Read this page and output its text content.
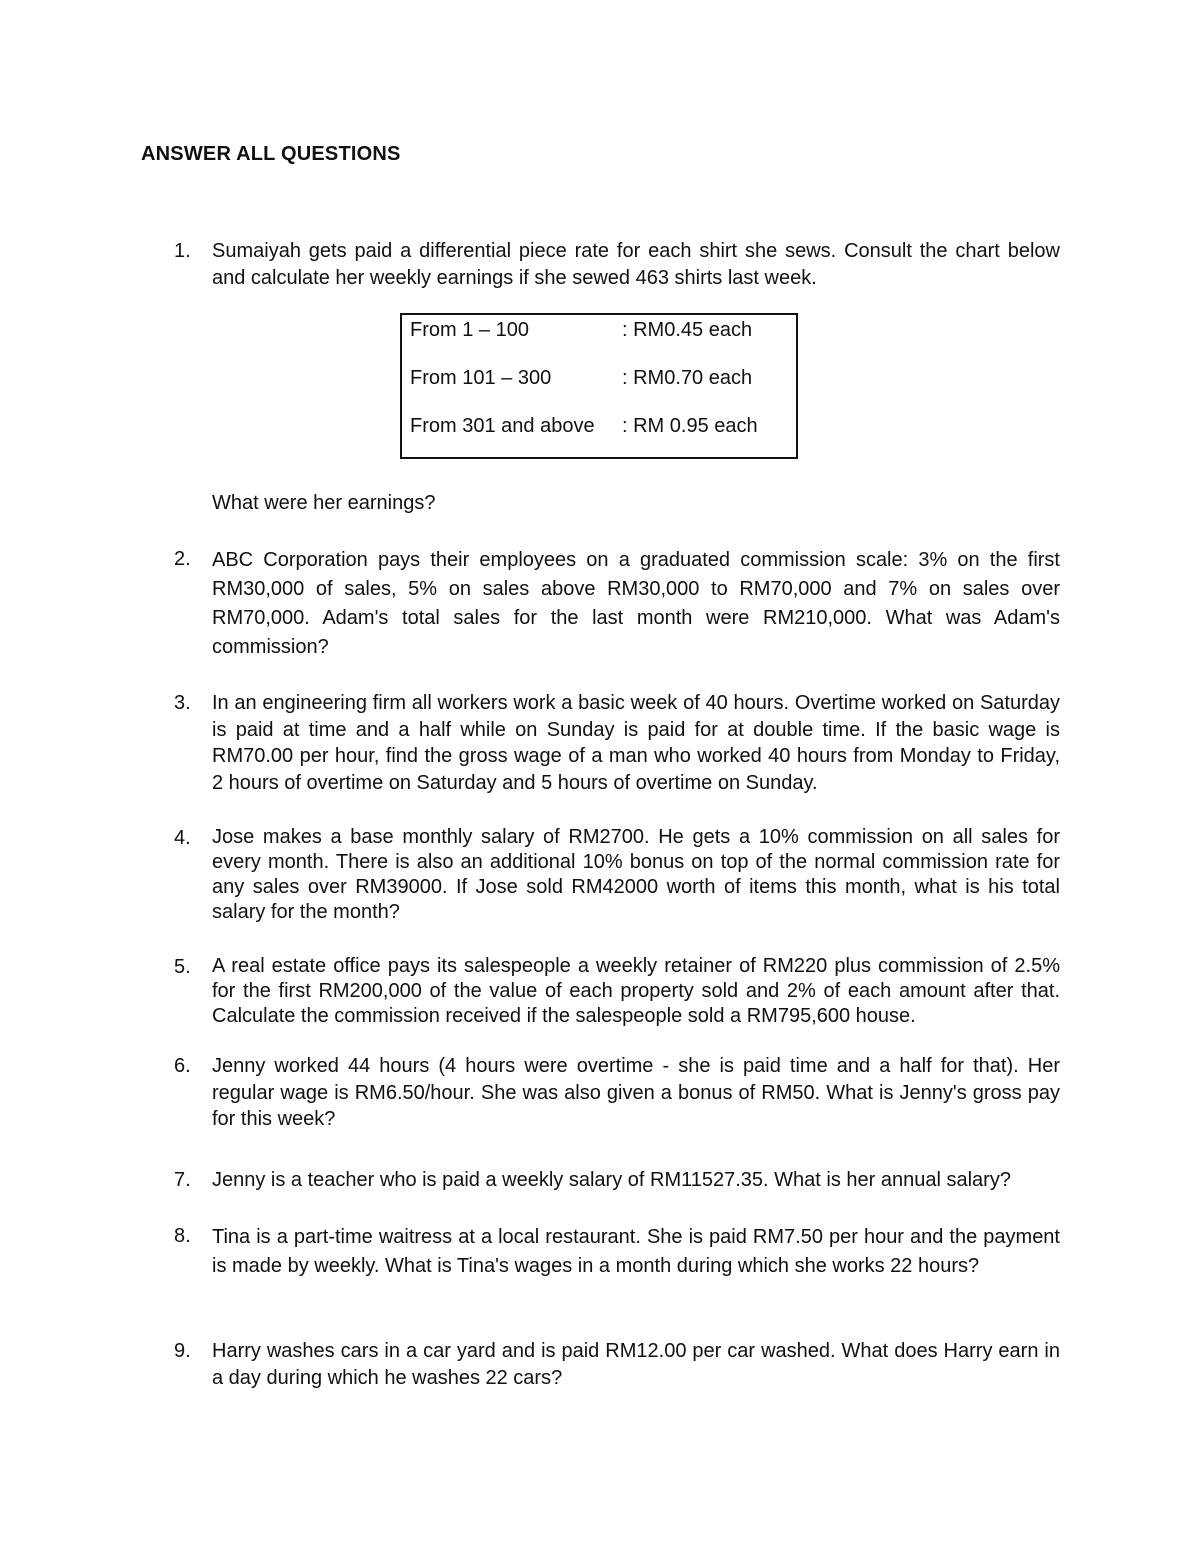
ANSWER ALL QUESTIONS
1.	Sumaiyah gets paid a differential piece rate for each shirt she sews. Consult the chart below and calculate her weekly earnings if she sewed 463 shirts last week.
From 1 – 100	: RM0.45 each
From 101 – 300	: RM0.70 each
From 301 and above : RM 0.95 each
What were her earnings?
2.	ABC Corporation pays their employees on a graduated commission scale: 3% on the first RM30,000 of sales, 5% on sales above RM30,000 to RM70,000 and 7% on sales over RM70,000. Adam's total sales for the last month were RM210,000. What was Adam's commission?
3.	In an engineering firm all workers work a basic week of 40 hours. Overtime worked on Saturday is paid at time and a half while on Sunday is paid for at double time. If the basic wage is RM70.00 per hour, find the gross wage of a man who worked 40 hours from Monday to Friday, 2 hours of overtime on Saturday and 5 hours of overtime on Sunday.
4.	Jose makes a base monthly salary of RM2700. He gets a 10% commission on all sales for every month. There is also an additional 10% bonus on top of the normal commission rate for any sales over RM39000. If Jose sold RM42000 worth of items this month, what is his total salary for the month?
5.	A real estate office pays its salespeople a weekly retainer of RM220 plus commission of 2.5% for the first RM200,000 of the value of each property sold and 2% of each amount after that. Calculate the commission received if the salespeople sold a RM795,600 house.
6.	Jenny worked 44 hours (4 hours were overtime - she is paid time and a half for that). Her regular wage is RM6.50/hour. She was also given a bonus of RM50. What is Jenny's gross pay for this week?
7.	Jenny is a teacher who is paid a weekly salary of RM11527.35. What is her annual salary?
8.	Tina is a part-time waitress at a local restaurant. She is paid RM7.50 per hour and the payment is made by weekly. What is Tina's wages in a month during which she works 22 hours?
9.	Harry washes cars in a car yard and is paid RM12.00 per car washed. What does Harry earn in a day during which he washes 22 cars?
